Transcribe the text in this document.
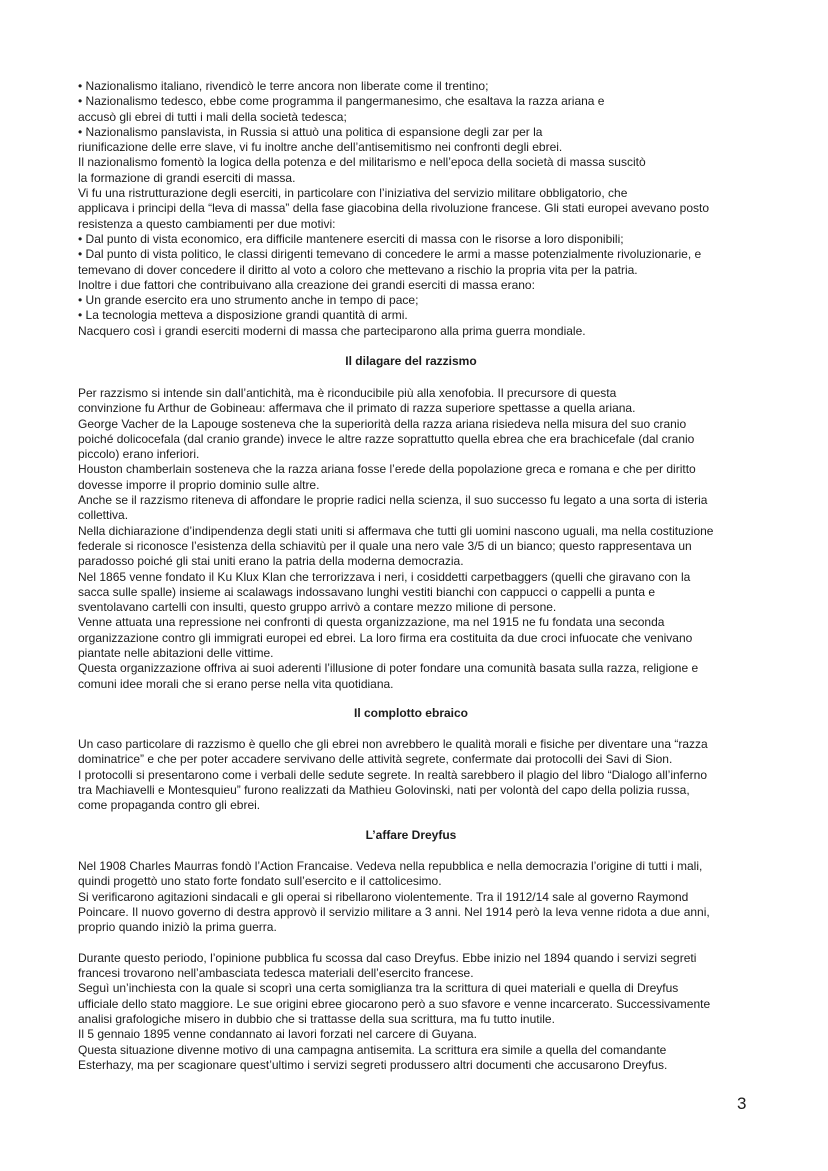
3
• Nazionalismo italiano, rivendicò le terre ancora non liberate come il trentino;
• Nazionalismo tedesco, ebbe come programma il pangermanesimo, che esaltava la razza ariana e
accusò gli ebrei di tutti i mali della società tedesca;
• Nazionalismo panslavista, in Russia si attuò una politica di espansione degli zar per la
riunificazione delle erre slave, vi fu inoltre anche dell’antisemitismo nei confronti degli ebrei.
Il nazionalismo fomentò la logica della potenza e del militarismo e nell’epoca della società di massa suscitò
la formazione di grandi eserciti di massa.
Vi fu una ristrutturazione degli eserciti, in particolare con l’iniziativa del servizio militare obbligatorio, che
applicava i principi della “leva di massa” della fase giacobina della rivoluzione francese. Gli stati europei avevano posto
resistenza a questo cambiamenti per due motivi:
• Dal punto di vista economico, era difficile mantenere eserciti di massa con le risorse a loro disponibili;
• Dal punto di vista politico, le classi dirigenti temevano di concedere le armi a masse potenzialmente rivoluzionarie, e
temevano di dover concedere il diritto al voto a coloro che mettevano a rischio la propria vita per la patria.
Inoltre i due fattori che contribuivano alla creazione dei grandi eserciti di massa erano:
• Un grande esercito era uno strumento anche in tempo di pace;
• La tecnologia metteva a disposizione grandi quantità di armi.
Nacquero così i grandi eserciti moderni di massa che parteciparono alla prima guerra mondiale.
Il dilagare del razzismo
Per razzismo si intende sin dall’antichità, ma è riconducibile più alla xenofobia. Il precursore di questa
convinzione fu Arthur de Gobineau: affermava che il primato di razza superiore spettasse a quella ariana.
George Vacher de la Lapouge sosteneva che la superiorità della razza ariana risiedeva nella misura del suo cranio
poiché dolicocefala (dal cranio grande) invece le altre razze soprattutto quella ebrea che era brachicefale (dal cranio
piccolo) erano inferiori.
Houston chamberlain sosteneva che la razza ariana fosse l’erede della popolazione greca e romana e che per diritto
dovesse imporre il proprio dominio sulle altre.
Anche se il razzismo riteneva di affondare le proprie radici nella scienza, il suo successo fu legato a una sorta di isteria
collettiva.
Nella dichiarazione d’indipendenza degli stati uniti si affermava che tutti gli uomini nascono uguali, ma nella costituzione
federale si riconosce l’esistenza della schiavitù per il quale una nero vale 3/5 di un bianco; questo rappresentava un
paradosso poiché gli stai uniti erano la patria della moderna democrazia.
Nel 1865 venne fondato il Ku Klux Klan che terrorizzava i neri, i cosiddetti carpetbaggers (quelli che giravano con la
sacca sulle spalle) insieme ai scalawags indossavano lunghi vestiti bianchi con cappucci o cappelli a punta e
sventolavano cartelli con insulti, questo gruppo arrivò a contare mezzo milione di persone.
Venne attuata una repressione nei confronti di questa organizzazione, ma nel 1915 ne fu fondata una seconda
organizzazione contro gli immigrati europei ed ebrei. La loro firma era costituita da due croci infuocate che venivano
piantate nelle abitazioni delle vittime.
Questa organizzazione offriva ai suoi aderenti l’illusione di poter fondare una comunità basata sulla razza, religione e
comuni idee morali che si erano perse nella vita quotidiana.
Il complotto ebraico
Un caso particolare di razzismo è quello che gli ebrei non avrebbero le qualità morali e fisiche per diventare una “razza
dominatrice” e che per poter accadere servivano delle attività segrete, confermate dai protocolli dei Savi di Sion.
I protocolli si presentarono come i verbali delle sedute segrete. In realtà sarebbero il plagio del libro “Dialogo all’inferno
tra Machiavelli e Montesquieu” furono realizzati da Mathieu Golovinski, nati per volontà del capo della polizia russa,
come propaganda contro gli ebrei.
L’affare Dreyfus
Nel 1908 Charles Maurras fondò l’Action Francaise. Vedeva nella repubblica e nella democrazia l’origine di tutti i mali,
quindi progettò uno stato forte fondato sull’esercito e il cattolicesimo.
Si verificarono agitazioni sindacali e gli operai si ribellarono violentemente. Tra il 1912/14 sale al governo Raymond
Poincare. Il nuovo governo di destra approvò il servizio militare a 3 anni. Nel 1914 però la leva venne ridota a due anni,
proprio quando iniziò la prima guerra.
Durante questo periodo, l’opinione pubblica fu scossa dal caso Dreyfus. Ebbe inizio nel 1894 quando i servizi segreti
francesi trovarono nell’ambasciata tedesca materiali dell’esercito francese.
Seguì un’inchiesta con la quale si scoprì una certa somiglianza tra la scrittura di quei materiali e quella di Dreyfus
ufficiale dello stato maggiore. Le sue origini ebree giocarono però a suo sfavore e venne incarcerato. Successivamente
analisi grafologiche misero in dubbio che si trattasse della sua scrittura, ma fu tutto inutile.
Il 5 gennaio 1895 venne condannato ai lavori forzati nel carcere di Guyana.
Questa situazione divenne motivo di una campagna antisemita. La scrittura era simile a quella del comandante
Esterhazy, ma per scagionare quest’ultimo i servizi segreti produssero altri documenti che accusarono Dreyfus.
